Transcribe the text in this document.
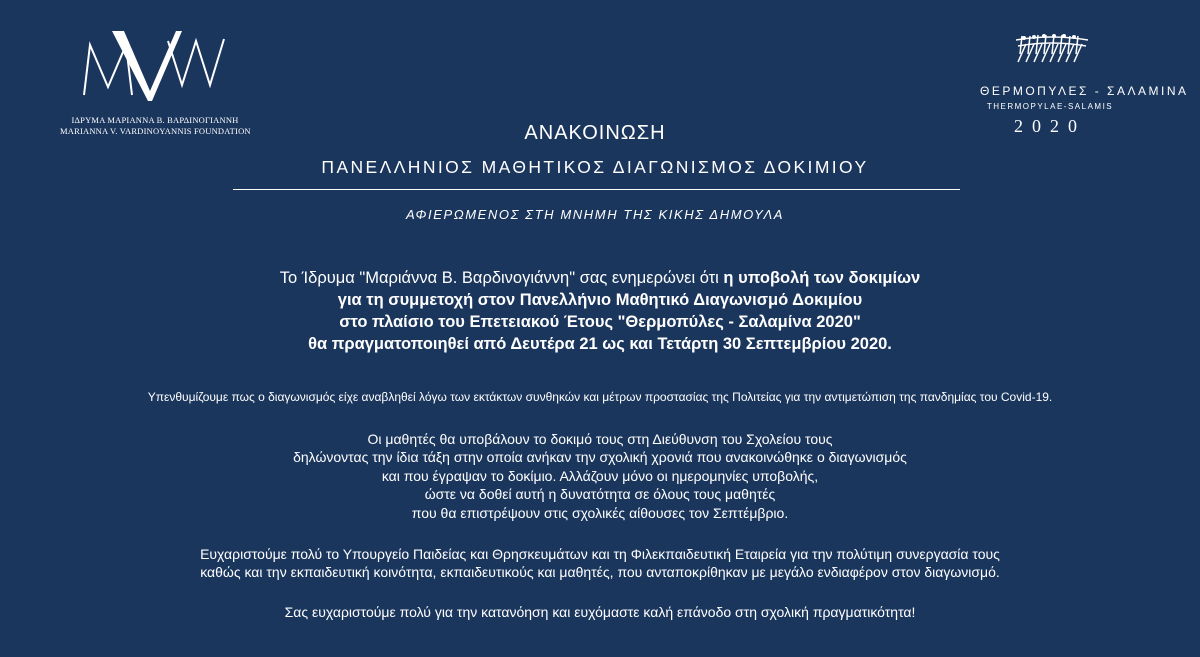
ΙΔΡΥΜΑ ΜΑΡΙΑΝΝΑ Β. ΒΑΡΔΙΝΟΓΙΑΝΝΗ
MARIANNA V. VARDINOYANNIS FOUNDATION
ΘΕΡΜΟΠΥΛΕΣ - ΣΑΛΑΜΙΝΑ
THERMOPYLAE-SALAMIS
2020
ΑΝΑΚΟΙΝΩΣΗ
ΠΑΝΕΛΛΗΝΙΟΣ ΜΑΘΗΤΙΚΟΣ ΔΙΑΓΩΝΙΣΜΟΣ ΔΟΚΙΜΙΟΥ
ΑΦΙΕΡΩΜΕΝΟΣ ΣΤΗ ΜΝΗΜΗ ΤΗΣ ΚΙΚΗΣ ΔΗΜΟΥΛΑ
Το Ίδρυμα "Μαριάννα Β. Βαρδινογιάννη" σας ενημερώνει ότι η υποβολή των δοκιμίων
για τη συμμετοχή στον Πανελλήνιο Μαθητικό Διαγωνισμό Δοκιμίου
στο πλαίσιο του Επετειακού Έτους "Θερμοπύλες - Σαλαμίνα 2020"
θα πραγματοποιηθεί από Δευτέρα 21 ως και Τετάρτη 30 Σεπτεμβρίου 2020.
Υπενθυμίζουμε πως ο διαγωνισμός είχε αναβληθεί λόγω των εκτάκτων συνθηκών και μέτρων προστασίας της Πολιτείας για την αντιμετώπιση της πανδημίας του Covid-19.
Οι μαθητές θα υποβάλουν το δοκιμό τους στη Διεύθυνση του Σχολείου τους
δηλώνοντας την ίδια τάξη στην οποία ανήκαν την σχολική χρονιά που ανακοινώθηκε ο διαγωνισμός
και που έγραψαν το δοκίμιο. Αλλάζουν μόνο οι ημερομηνίες υποβολής,
ώστε να δοθεί αυτή η δυνατότητα σε όλους τους μαθητές
που θα επιστρέψουν στις σχολικές αίθουσες τον Σεπτέμβριο.
Ευχαριστούμε πολύ το Υπουργείο Παιδείας και Θρησκευμάτων και τη Φιλεκπαιδευτική Εταιρεία για την πολύτιμη συνεργασία τους
καθώς και την εκπαιδευτική κοινότητα, εκπαιδευτικούς και μαθητές, που ανταποκρίθηκαν με μεγάλο ενδιαφέρον στον διαγωνισμό.
Σας ευχαριστούμε πολύ για την κατανόηση και ευχόμαστε καλή επάνοδο στη σχολική πραγματικότητα!
